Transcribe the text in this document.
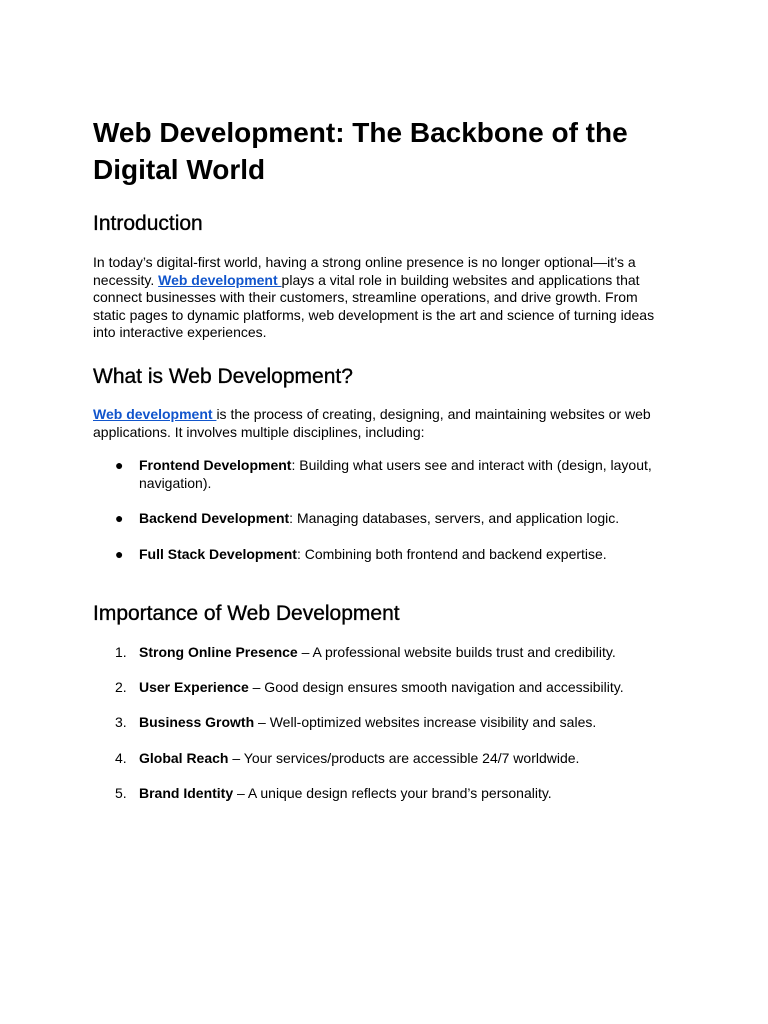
Web Development: The Backbone of the Digital World
Introduction

In today’s digital-first world, having a strong online presence is no longer optional—it’s a necessity. Web development plays a vital role in building websites and applications that connect businesses with their customers, streamline operations, and drive growth. From static pages to dynamic platforms, web development is the art and science of turning ideas into interactive experiences.

What is Web Development?

Web development is the process of creating, designing, and maintaining websites or web applications. It involves multiple disciplines, including:

● Frontend Development: Building what users see and interact with (design, layout, navigation).
● Backend Development: Managing databases, servers, and application logic.
● Full Stack Development: Combining both frontend and backend expertise.
Importance of Web Development
1. Strong Online Presence – A professional website builds trust and credibility.
2. User Experience – Good design ensures smooth navigation and accessibility.
3. Business Growth – Well-optimized websites increase visibility and sales.
4. Global Reach – Your services/products are accessible 24/7 worldwide.
5. Brand Identity – A unique design reflects your brand’s personality.
